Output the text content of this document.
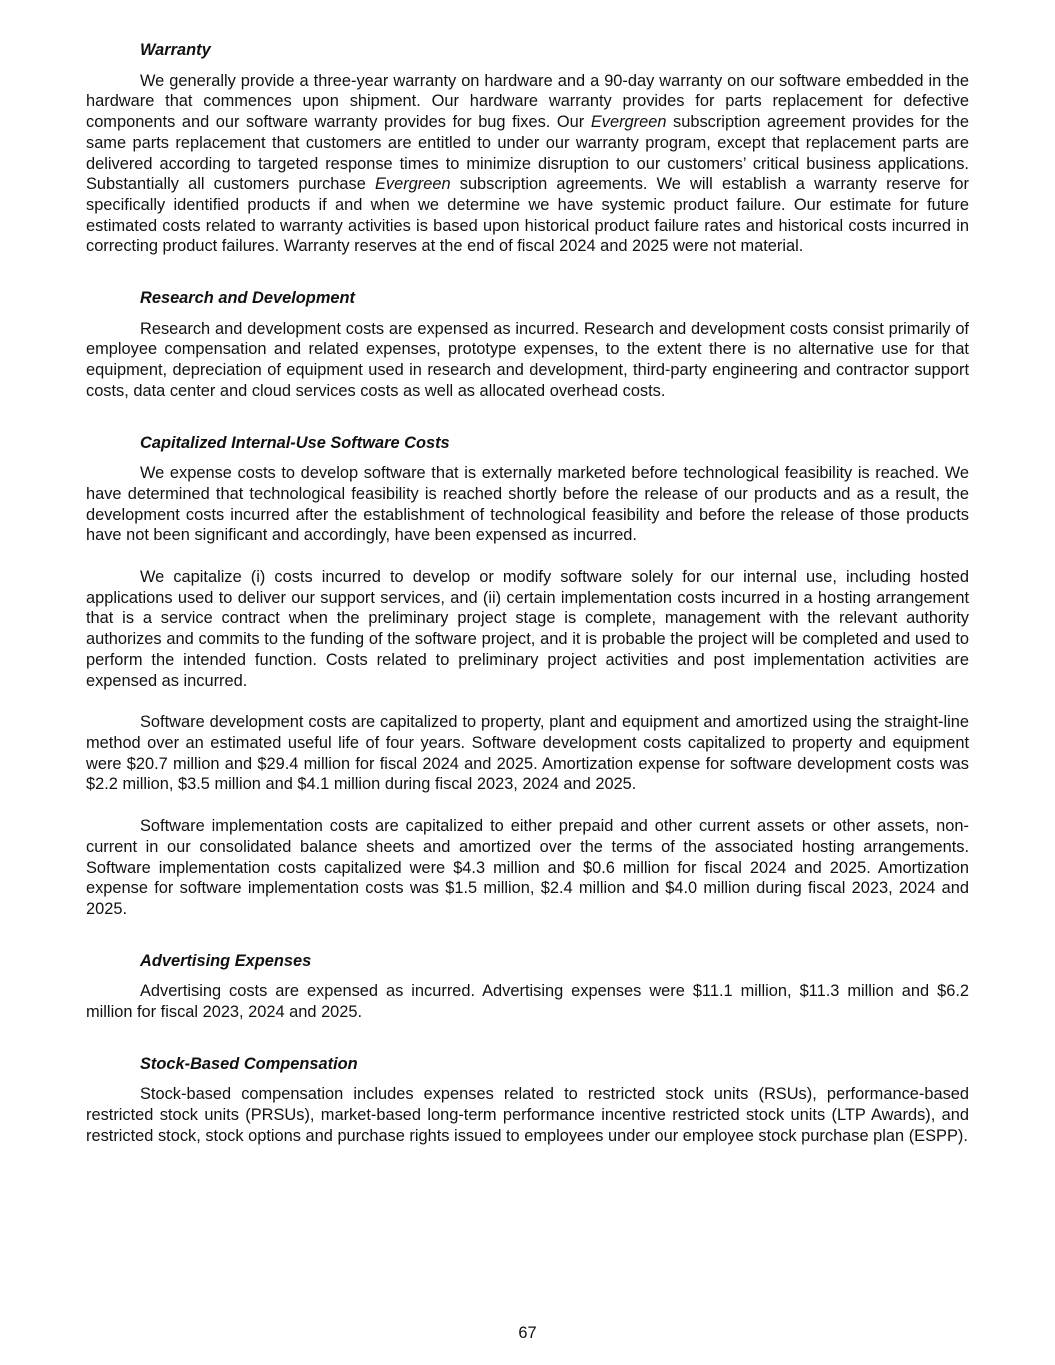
Warranty

We generally provide a three-year warranty on hardware and a 90-day warranty on our software embedded in the hardware that commences upon shipment. Our hardware warranty provides for parts replacement for defective components and our software warranty provides for bug fixes. Our Evergreen subscription agreement provides for the same parts replacement that customers are entitled to under our warranty program, except that replacement parts are delivered according to targeted response times to minimize disruption to our customers’ critical business applications. Substantially all customers purchase Evergreen subscription agreements. We will establish a warranty reserve for specifically identified products if and when we determine we have systemic product failure. Our estimate for future estimated costs related to warranty activities is based upon historical product failure rates and historical costs incurred in correcting product failures. Warranty reserves at the end of fiscal 2024 and 2025 were not material.

Research and Development

Research and development costs are expensed as incurred. Research and development costs consist primarily of employee compensation and related expenses, prototype expenses, to the extent there is no alternative use for that equipment, depreciation of equipment used in research and development, third-party engineering and contractor support costs, data center and cloud services costs as well as allocated overhead costs.

Capitalized Internal-Use Software Costs

We expense costs to develop software that is externally marketed before technological feasibility is reached. We have determined that technological feasibility is reached shortly before the release of our products and as a result, the development costs incurred after the establishment of technological feasibility and before the release of those products have not been significant and accordingly, have been expensed as incurred.

We capitalize (i) costs incurred to develop or modify software solely for our internal use, including hosted applications used to deliver our support services, and (ii) certain implementation costs incurred in a hosting arrangement that is a service contract when the preliminary project stage is complete, management with the relevant authority authorizes and commits to the funding of the software project, and it is probable the project will be completed and used to perform the intended function. Costs related to preliminary project activities and post implementation activities are expensed as incurred.

Software development costs are capitalized to property, plant and equipment and amortized using the straight-line method over an estimated useful life of four years. Software development costs capitalized to property and equipment were $20.7 million and $29.4 million for fiscal 2024 and 2025. Amortization expense for software development costs was $2.2 million, $3.5 million and $4.1 million during fiscal 2023, 2024 and 2025.

Software implementation costs are capitalized to either prepaid and other current assets or other assets, non-current in our consolidated balance sheets and amortized over the terms of the associated hosting arrangements. Software implementation costs capitalized were $4.3 million and $0.6 million for fiscal 2024 and 2025. Amortization expense for software implementation costs was $1.5 million, $2.4 million and $4.0 million during fiscal 2023, 2024 and 2025.

Advertising Expenses

Advertising costs are expensed as incurred. Advertising expenses were $11.1 million, $11.3 million and $6.2 million for fiscal 2023, 2024 and 2025.

Stock-Based Compensation

Stock-based compensation includes expenses related to restricted stock units (RSUs), performance-based restricted stock units (PRSUs), market-based long-term performance incentive restricted stock units (LTP Awards), and restricted stock, stock options and purchase rights issued to employees under our employee stock purchase plan (ESPP).

67
